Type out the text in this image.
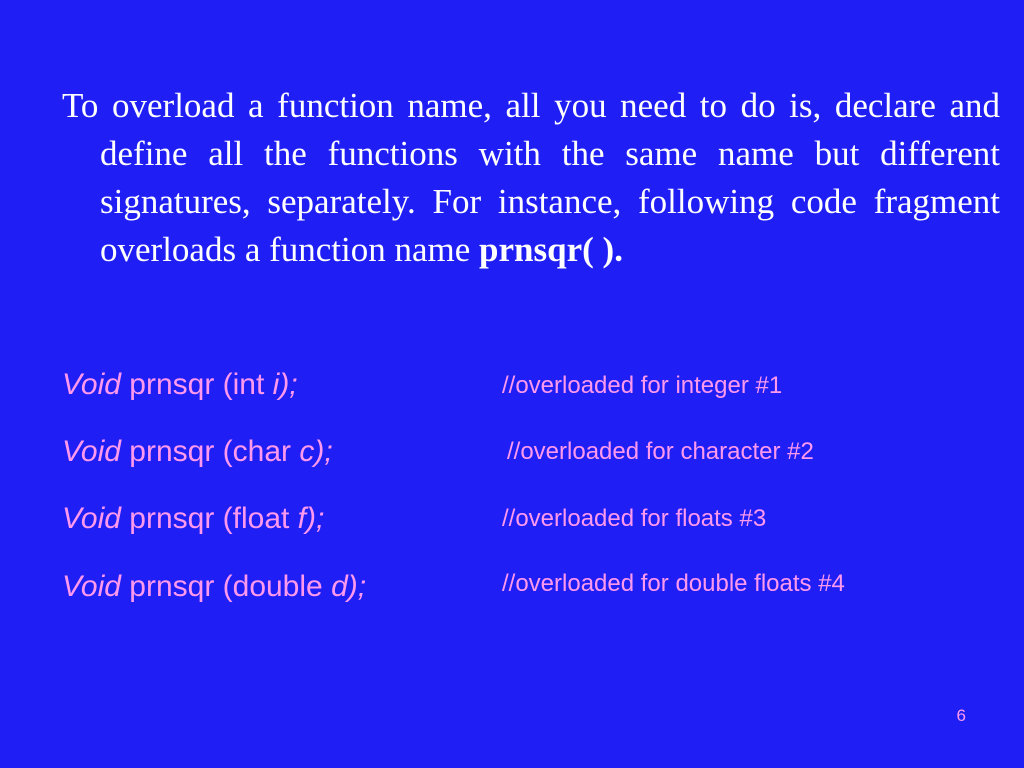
To overload a function name, all you need to do is, declare and define all the functions with the same name but different signatures, separately. For instance, following code fragment overloads a function name prnsqr( ).

Void prnsqr (int i);	//overloaded for integer #1
Void prnsqr (char c);	//overloaded for character #2
Void prnsqr (float f);	//overloaded for floats #3
Void prnsqr (double d);	//overloaded for double floats #4
6
